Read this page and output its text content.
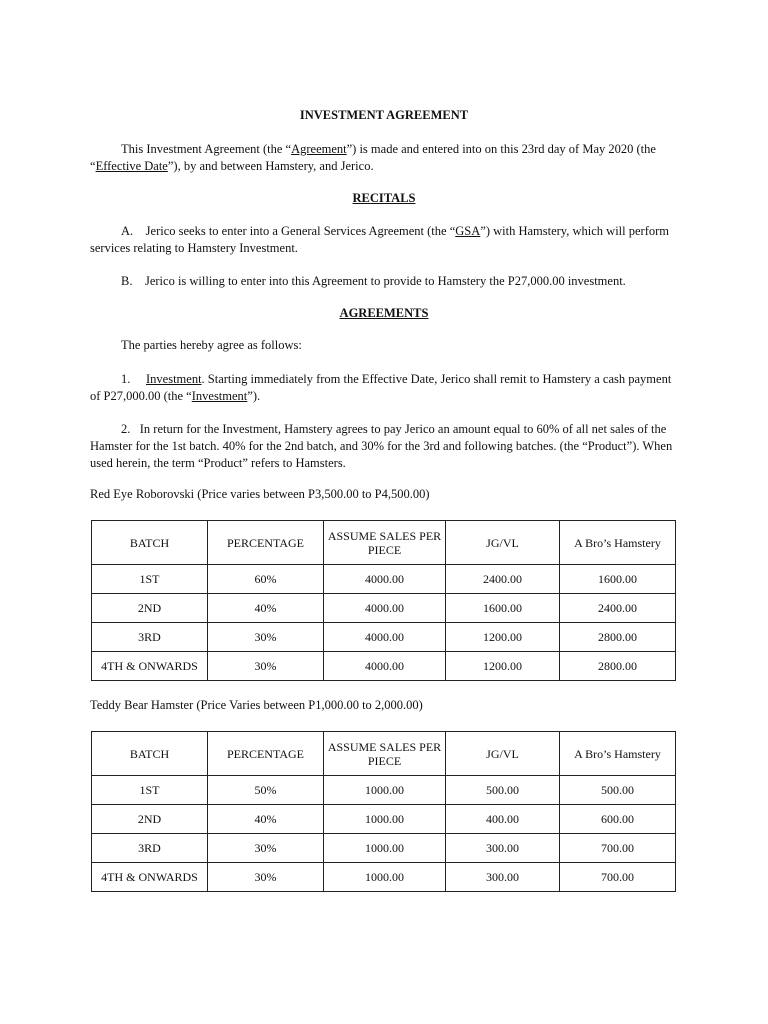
INVESTMENT AGREEMENT

This Investment Agreement (the “Agreement”) is made and entered into on this 23rd day of May 2020 (the “Effective Date”), by and between Hamstery, and Jerico.

RECITALS

A. Jerico seeks to enter into a General Services Agreement (the “GSA”) with Hamstery, which will perform services relating to Hamstery Investment.

B. Jerico is willing to enter into this Agreement to provide to Hamstery the P27,000.00 investment.

AGREEMENTS
The parties hereby agree as follows:

1. Investment. Starting immediately from the Effective Date, Jerico shall remit to Hamstery a cash payment of P27,000.00 (the “Investment”).

2. In return for the Investment, Hamstery agrees to pay Jerico an amount equal to 60% of all net sales of the Hamster for the 1st batch. 40% for the 2nd batch, and 30% for the 3rd and following batches. (the “Product”). When used herein, the term “Product” refers to Hamsters.

Red Eye Roborovski (Price varies between P3,500.00 to P4,500.00)
BATCH	PERCENTAGE	ASSUME SALES PER PIECE	JG/VL	A Bro’s Hamstery
1ST	60%	4000.00	2400.00	1600.00
2ND	40%	4000.00	1600.00	2400.00
3RD	30%	4000.00	1200.00	2800.00
4TH & ONWARDS	30%	4000.00	1200.00	2800.00
Teddy Bear Hamster (Price Varies between P1,000.00 to 2,000.00)
BATCH	PERCENTAGE	ASSUME SALES PER PIECE	JG/VL	A Bro’s Hamstery
1ST	50%	1000.00	500.00	500.00
2ND	40%	1000.00	400.00	600.00
3RD	30%	1000.00	300.00	700.00
4TH & ONWARDS	30%	1000.00	300.00	700.00
